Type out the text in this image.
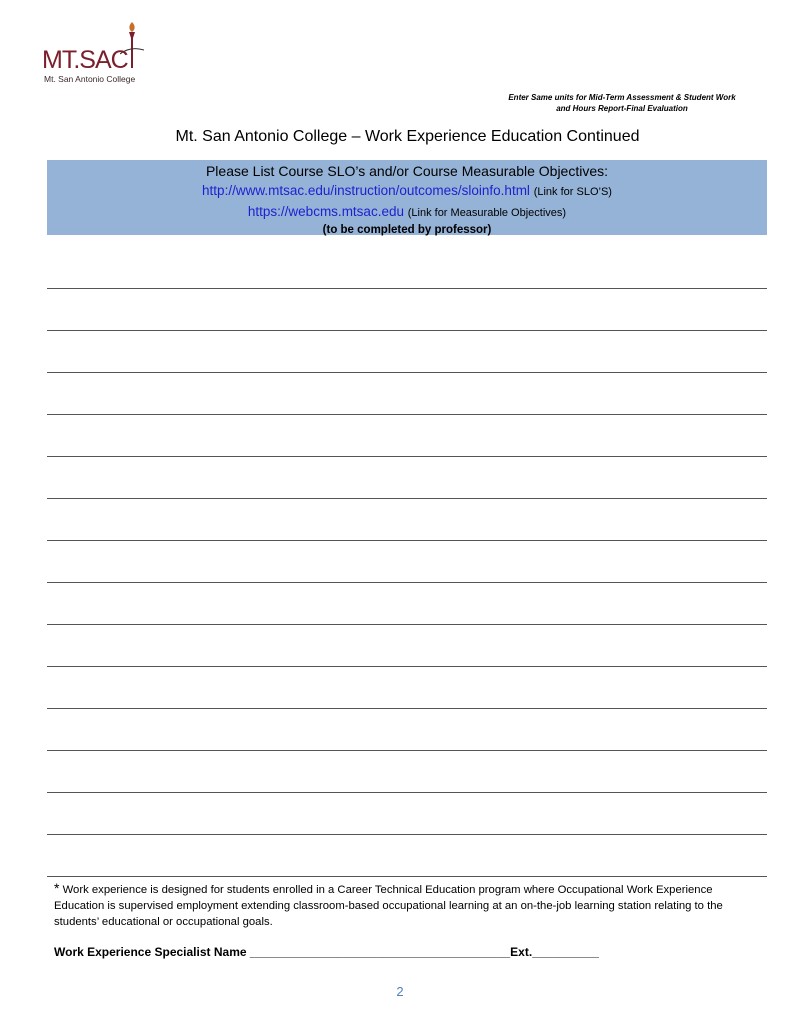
MT.SAC
Mt. San Antonio College
Enter Same units for Mid-Term Assessment & Student Work
and Hours Report-Final Evaluation
Mt. San Antonio College – Work Experience Education Continued
Please List Course SLO’s and/or Course Measurable Objectives:
http://www.mtsac.edu/instruction/outcomes/sloinfo.html (Link for SLO’S)
https://webcms.mtsac.edu (Link for Measurable Objectives)
(to be completed by professor)
* Work experience is designed for students enrolled in a Career Technical Education program where Occupational Work Experience Education is supervised employment extending classroom-based occupational learning at an on-the-job learning station relating to the students’ educational or occupational goals.
Work Experience Specialist Name _______________________________________Ext.__________
2
